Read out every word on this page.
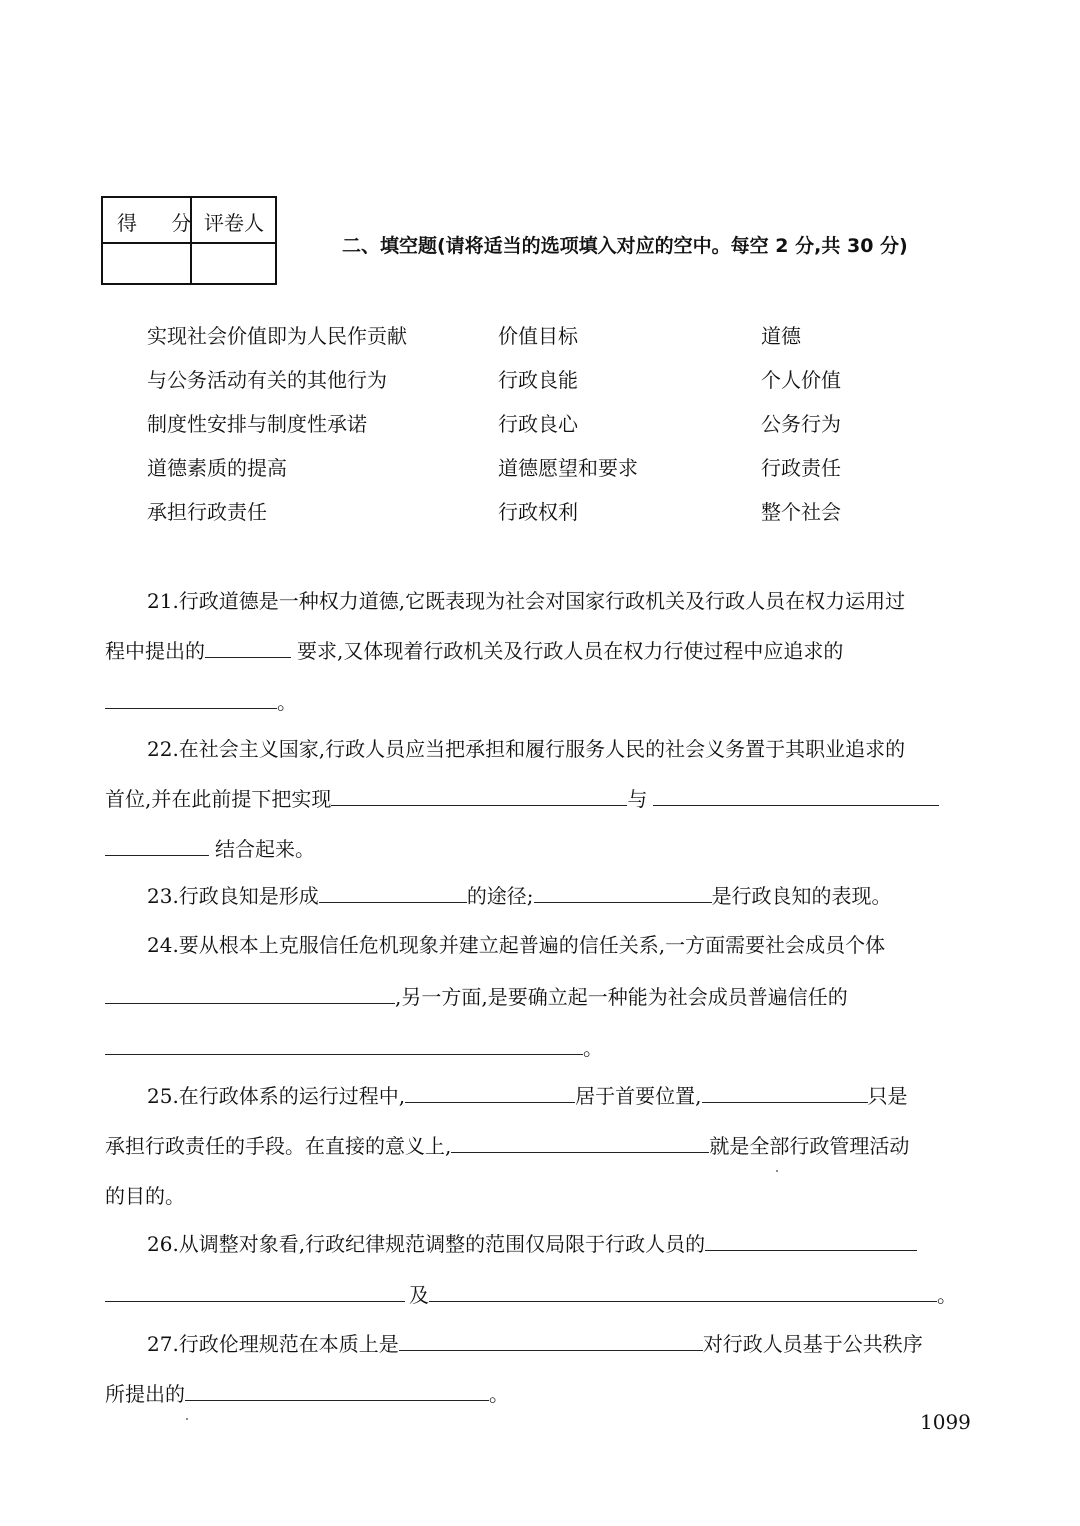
得 分
评卷人
二、填空题(请将适当的选项填入对应的空中。每空 2 分,共 30 分)
实现社会价值即为人民作贡献	价值目标	道德
与公务活动有关的其他行为	行政良能	个人价值
制度性安排与制度性承诺	行政良心	公务行为
道德素质的提高	道德愿望和要求	行政责任
承担行政责任	行政权利	整个社会
21.行政道德是一种权力道德,它既表现为社会对国家行政机关及行政人员在权力运用过
程中提出的	要求,又体现着行政机关及行政人员在权力行使过程中应追求的
。
22.在社会主义国家,行政人员应当把承担和履行服务人民的社会义务置于其职业追求的
首位,并在此前提下把实现	与
结合起来。
23.行政良知是形成	的途径;	是行政良知的表现。
24.要从根本上克服信任危机现象并建立起普遍的信任关系,一方面需要社会成员个体
,另一方面,是要确立起一种能为社会成员普遍信任的
。
25.在行政体系的运行过程中,	居于首要位置,	只是
承担行政责任的手段。在直接的意义上,	就是全部行政管理活动
的目的。
26.从调整对象看,行政纪律规范调整的范围仅局限于行政人员的
及	。
27.行政伦理规范在本质上是	对行政人员基于公共秩序
所提出的	。
1099
